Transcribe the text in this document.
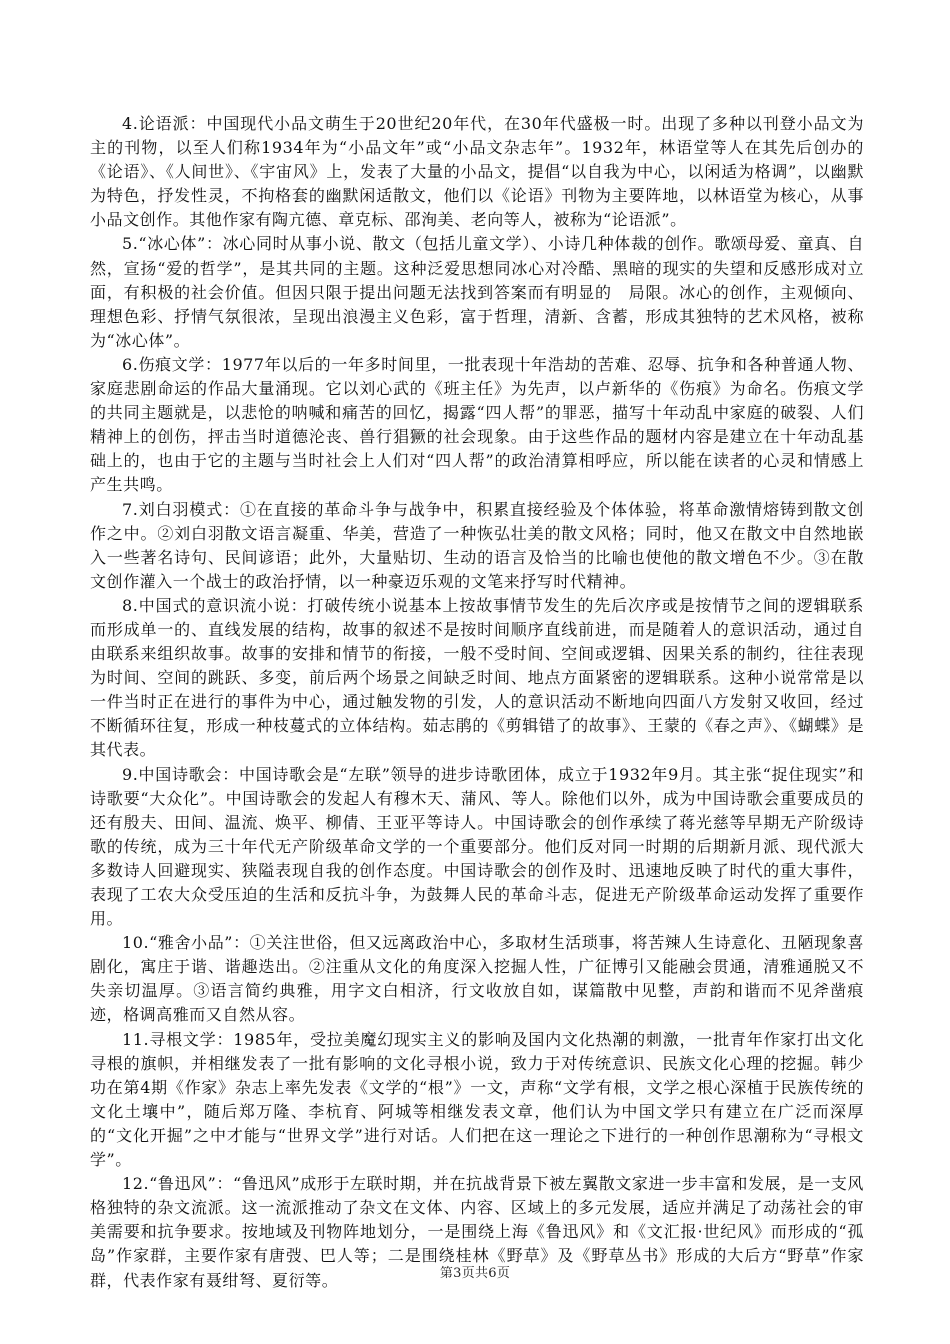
4.论语派：中国现代小品文萌生于20世纪20年代，在30年代盛极一时。出现了多种以刊登小品文为主的刊物，以至人们称1934年为“小品文年”或“小品文杂志年”。1932年，林语堂等人在其先后创办的《论语》、《人间世》、《宇宙风》上，发表了大量的小品文，提倡“以自我为中心，以闲适为格调”，以幽默为特色，抒发性灵，不拘格套的幽默闲适散文，他们以《论语》刊物为主要阵地，以林语堂为核心，从事小品文创作。其他作家有陶亢德、章克标、邵洵美、老向等人，被称为“论语派”。

5.“冰心体”：冰心同时从事小说、散文（包括儿童文学）、小诗几种体裁的创作。歌颂母爱、童真、自然，宣扬“爱的哲学”，是其共同的主题。这种泛爱思想同冰心对冷酷、黑暗的现实的失望和反感形成对立面，有积极的社会价值。但因只限于提出问题无法找到答案而有明显的　局限。冰心的创作，主观倾向、理想色彩、抒情气氛很浓，呈现出浪漫主义色彩，富于哲理，清新、含蓄，形成其独特的艺术风格，被称为“冰心体”。

6.伤痕文学：1977年以后的一年多时间里，一批表现十年浩劫的苦难、忍辱、抗争和各种普通人物、家庭悲剧命运的作品大量涌现。它以刘心武的《班主任》为先声，以卢新华的《伤痕》为命名。伤痕文学的共同主题就是，以悲怆的呐喊和痛苦的回忆，揭露“四人帮”的罪恶，描写十年动乱中家庭的破裂、人们精神上的创伤，抨击当时道德沦丧、兽行猖獗的社会现象。由于这些作品的题材内容是建立在十年动乱基础上的，也由于它的主题与当时社会上人们对“四人帮”的政治清算相呼应，所以能在读者的心灵和情感上产生共鸣。

7.刘白羽模式：①在直接的革命斗争与战争中，积累直接经验及个体体验，将革命激情熔铸到散文创作之中。②刘白羽散文语言凝重、华美，营造了一种恢弘壮美的散文风格；同时，他又在散文中自然地嵌入一些著名诗句、民间谚语；此外，大量贴切、生动的语言及恰当的比喻也使他的散文增色不少。③在散文创作灌入一个战士的政治抒情，以一种豪迈乐观的文笔来抒写时代精神。

8.中国式的意识流小说：打破传统小说基本上按故事情节发生的先后次序或是按情节之间的逻辑联系而形成单一的、直线发展的结构，故事的叙述不是按时间顺序直线前进，而是随着人的意识活动，通过自由联系来组织故事。故事的安排和情节的衔接，一般不受时间、空间或逻辑、因果关系的制约，往往表现为时间、空间的跳跃、多变，前后两个场景之间缺乏时间、地点方面紧密的逻辑联系。这种小说常常是以一件当时正在进行的事件为中心，通过触发物的引发，人的意识活动不断地向四面八方发射又收回，经过不断循环往复，形成一种枝蔓式的立体结构。茹志鹃的《剪辑错了的故事》、王蒙的《春之声》、《蝴蝶》是其代表。

9.中国诗歌会：中国诗歌会是“左联”领导的进步诗歌团体，成立于1932年9月。其主张“捉住现实”和诗歌要“大众化”。中国诗歌会的发起人有穆木天、蒲风、等人。除他们以外，成为中国诗歌会重要成员的还有殷夫、田间、温流、焕平、柳倩、王亚平等诗人。中国诗歌会的创作承续了蒋光慈等早期无产阶级诗歌的传统，成为三十年代无产阶级革命文学的一个重要部分。他们反对同一时期的后期新月派、现代派大多数诗人回避现实、狭隘表现自我的创作态度。中国诗歌会的创作及时、迅速地反映了时代的重大事件，表现了工农大众受压迫的生活和反抗斗争，为鼓舞人民的革命斗志，促进无产阶级革命运动发挥了重要作用。

10.“雅舍小品”：①关注世俗，但又远离政治中心，多取材生活琐事，将苦辣人生诗意化、丑陋现象喜剧化，寓庄于谐、谐趣迭出。②注重从文化的角度深入挖掘人性，广征博引又能融会贯通，清雅通脱又不失亲切温厚。③语言简约典雅，用字文白相济，行文收放自如，谋篇散中见整，声韵和谐而不见斧凿痕迹，格调高雅而又自然从容。

11.寻根文学：1985年，受拉美魔幻现实主义的影响及国内文化热潮的刺激，一批青年作家打出文化寻根的旗帜，并相继发表了一批有影响的文化寻根小说，致力于对传统意识、民族文化心理的挖掘。韩少功在第4期《作家》杂志上率先发表《文学的“根”》一文，声称“文学有根，文学之根心深植于民族传统的文化土壤中”，随后郑万隆、李杭育、阿城等相继发表文章，他们认为中国文学只有建立在广泛而深厚的“文化开掘”之中才能与“世界文学”进行对话。人们把在这一理论之下进行的一种创作思潮称为“寻根文学”。

12.“鲁迅风”：“鲁迅风”成形于左联时期，并在抗战背景下被左翼散文家进一步丰富和发展，是一支风格独特的杂文流派。这一流派推动了杂文在文体、内容、区域上的多元发展，适应并满足了动荡社会的审美需要和抗争要求。按地域及刊物阵地划分，一是围绕上海《鲁迅风》和《文汇报·世纪风》而形成的“孤岛”作家群，主要作家有唐弢、巴人等；二是围绕桂林《野草》及《野草丛书》形成的大后方“野草”作家群，代表作家有聂绀弩、夏衍等。	第3页共6页
